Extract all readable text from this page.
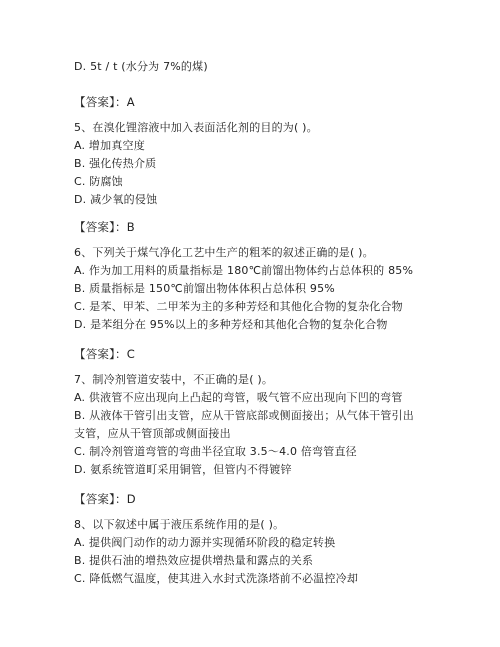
D. 5t / t (水分为 7%的煤)
【答案】：A
5、在溴化锂溶液中加入表面活化剂的目的为( )。
A. 增加真空度
B. 强化传热介质
C. 防腐蚀
D. 减少氧的侵蚀
【答案】：B
6、下列关于煤气净化工艺中生产的粗苯的叙述正确的是( )。
A. 作为加工用料的质量指标是 180℃前馏出物体约占总体积的 85%
B. 质量指标是 150℃前馏出物体体积占总体积 95%
C. 是苯、甲苯、二甲苯为主的多种芳烃和其他化合物的复杂化合物
D. 是苯组分在 95%以上的多种芳烃和其他化合物的复杂化合物
【答案】：C
7、制冷剂管道安装中，不正确的是( )。
A. 供液管不应出现向上凸起的弯管，吸气管不应出现向下凹的弯管
B. 从液体干管引出支管，应从干管底部或侧面接出；从气体干管引出
支管，应从干管顶部或侧面接出
C. 制冷剂管道弯管的弯曲半径宜取 3.5～4.0 倍弯管直径
D. 氨系统管道町采用铜管，但管内不得镀锌
【答案】：D
8、以下叙述中属于液压系统作用的是( )。
A. 提供阀门动作的动力源并实现循环阶段的稳定转换
B. 提供石油的增热效应提供增热量和露点的关系
C. 降低燃气温度，使其进入水封式洗涤塔前不必温控冷却
